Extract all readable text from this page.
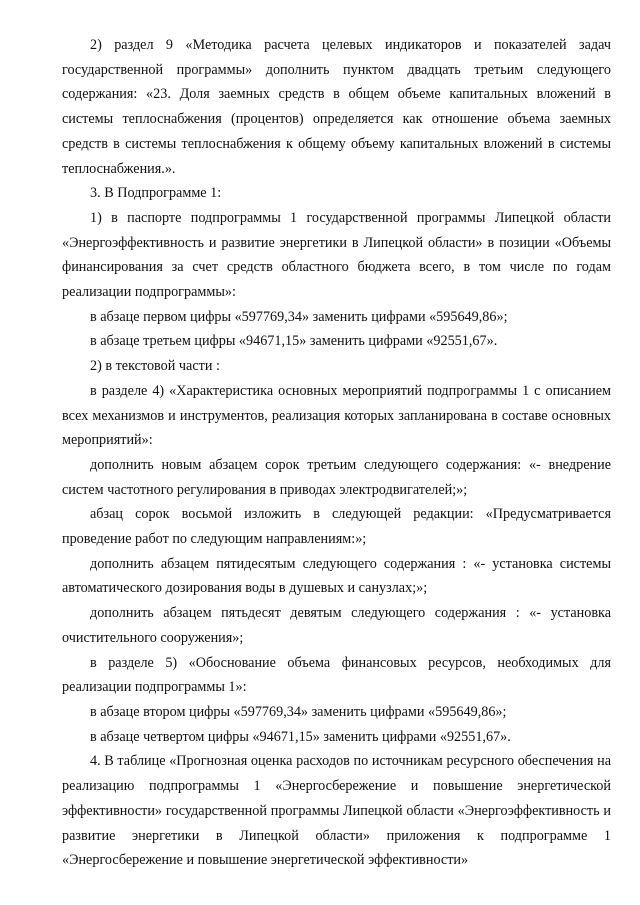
2) раздел 9 «Методика расчета целевых индикаторов и показателей задач государственной программы» дополнить пунктом двадцать третьим следующего содержания: «23. Доля заемных средств в общем объеме капитальных вложений в системы теплоснабжения (процентов) определяется как отношение объема заемных средств в системы теплоснабжения к общему объему капитальных вложений в системы теплоснабжения.».

3. В Подпрограмме 1:

1) в паспорте подпрограммы 1 государственной программы Липецкой области «Энергоэффективность и развитие энергетики в Липецкой области» в позиции «Объемы финансирования за счет средств областного бюджета всего, в том числе по годам реализации подпрограммы»:

в абзаце первом цифры «597769,34» заменить цифрами «595649,86»;

в абзаце третьем цифры «94671,15» заменить цифрами «92551,67».

2) в текстовой части :

в разделе 4) «Характеристика основных мероприятий подпрограммы 1 с описанием всех механизмов и инструментов, реализация которых запланирована в составе основных мероприятий»:

дополнить новым абзацем сорок третьим следующего содержания: «- внедрение систем частотного регулирования в приводах электродвигателей;»;

абзац сорок восьмой изложить в следующей редакции: «Предусматривается проведение работ по следующим направлениям:»;

дополнить абзацем пятидесятым следующего содержания : «- установка системы автоматического дозирования воды в душевых и санузлах;»;

дополнить абзацем пятьдесят девятым следующего содержания : «- установка очистительного сооружения»;

в разделе 5) «Обоснование объема финансовых ресурсов, необходимых для реализации подпрограммы 1»:

в абзаце втором цифры «597769,34» заменить цифрами «595649,86»;

в абзаце четвертом цифры «94671,15» заменить цифрами «92551,67».

4. В таблице «Прогнозная оценка расходов по источникам ресурсного обеспечения на реализацию подпрограммы 1 «Энергосбережение и повышение энергетической эффективности» государственной программы Липецкой области «Энергоэффективность и развитие энергетики в Липецкой области» приложения к подпрограмме 1 «Энергосбережение и повышение энергетической эффективности»
